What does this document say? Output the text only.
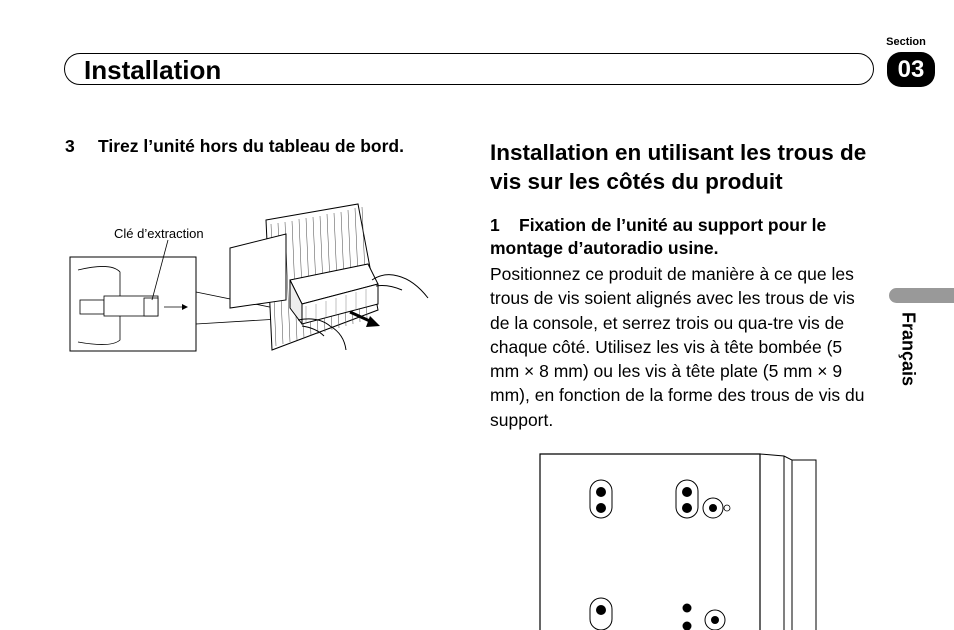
Section
03
Installation
3 Tirez l’unité hors du tableau de bord.
Clé d’extraction
Installation en utilisant les trous de vis sur les côtés du produit
1 Fixation de l’unité au support pour le montage d’autoradio usine.
Positionnez ce produit de manière à ce que les trous de vis soient alignés avec les trous de vis de la console, et serrez trois ou qua-tre vis de chaque côté. Utilisez les vis à tête bombée (5 mm × 8 mm) ou les vis à tête plate (5 mm × 9 mm), en fonction de la forme des trous de vis du support.
Français
